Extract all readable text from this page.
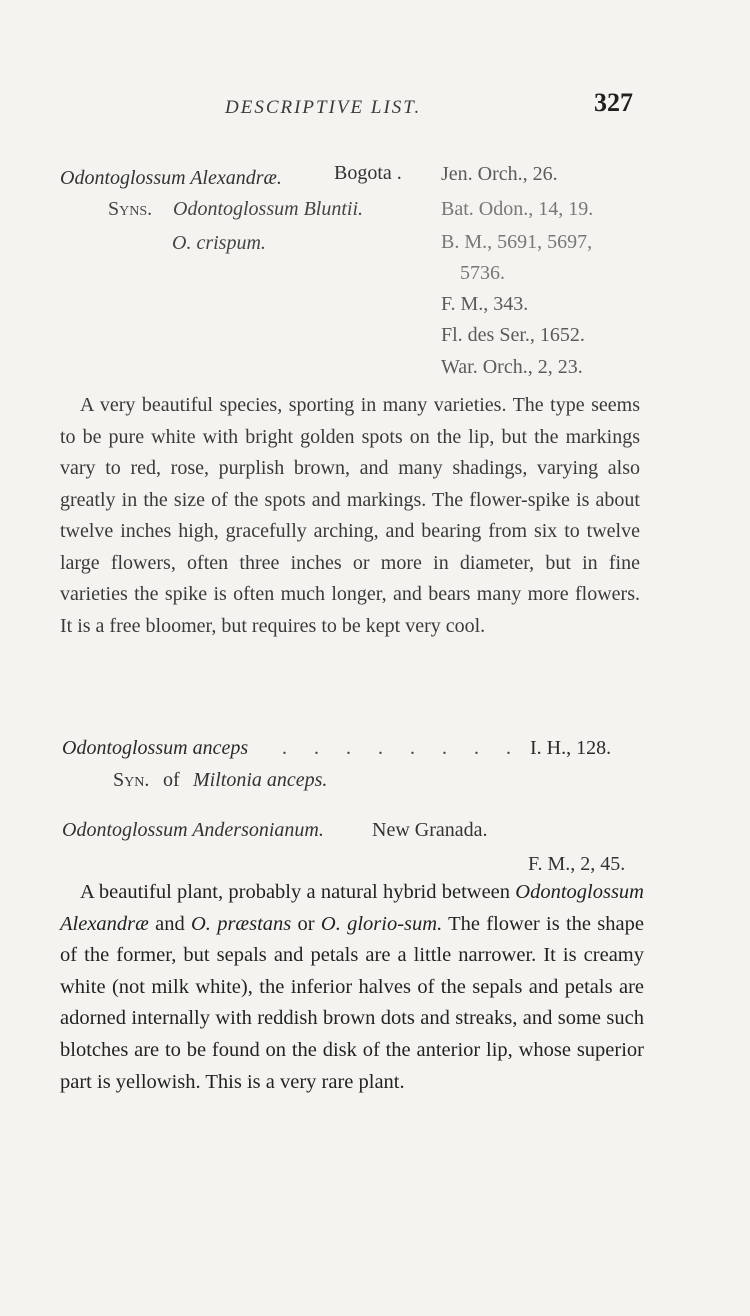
DESCRIPTIVE LIST.	327
Odontoglossum Alexandræ.	Bogota .
Syns. Odontoglossum Bluntii.
O. crispum.
Jen. Orch., 26.
Bat. Odon., 14, 19.
B. M., 5691, 5697,
5736.
F. M., 343.
Fl. des Ser., 1652.
War. Orch., 2, 23.
A very beautiful species, sporting in many varieties. The type seems to be pure white with bright golden spots on the lip, but the markings vary to red, rose, purplish brown, and many shadings, varying also greatly in the size of the spots and markings. The flower-spike is about twelve inches high, gracefully arching, and bearing from six to twelve large flowers, often three inches or more in diameter, but in fine varieties the spike is often much longer, and bears many more flowers. It is a free bloomer, but requires to be kept very cool.
Odontoglossum anceps . . . . . . . . I. H., 128.
Syn. of Miltonia anceps.
Odontoglossum Andersonianum. New Granada.
F. M., 2, 45.
A beautiful plant, probably a natural hybrid between Odontoglossum Alexandræ and O. præstans or O. glorio-sum. The flower is the shape of the former, but sepals and petals are a little narrower. It is creamy white (not milk white), the inferior halves of the sepals and petals are adorned internally with reddish brown dots and streaks, and some such blotches are to be found on the disk of the anterior lip, whose superior part is yellowish. This is a very rare plant.
